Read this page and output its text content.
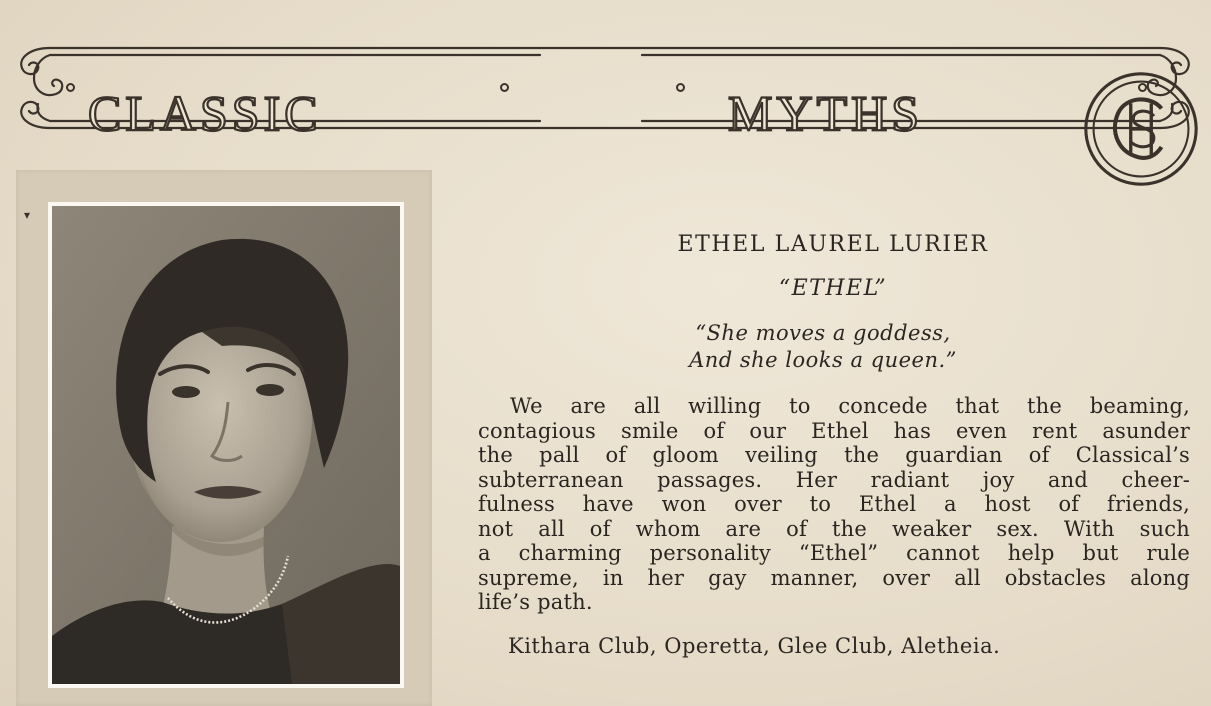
CLASSIC	MYTHS
▾
ETHEL LAUREL LURIER
“ETHEL”
“She moves a goddess,
And she looks a queen.”
We are all willing to concede that the beaming,
contagious smile of our Ethel has even rent asunder
the pall of gloom veiling the guardian of Classical’s
subterranean passages. Her radiant joy and cheer-
fulness have won over to Ethel a host of friends,
not all of whom are of the weaker sex. With such
a charming personality “Ethel” cannot help but rule
supreme, in her gay manner, over all obstacles along
life’s path.
Kithara Club, Operetta, Glee Club, Aletheia.
